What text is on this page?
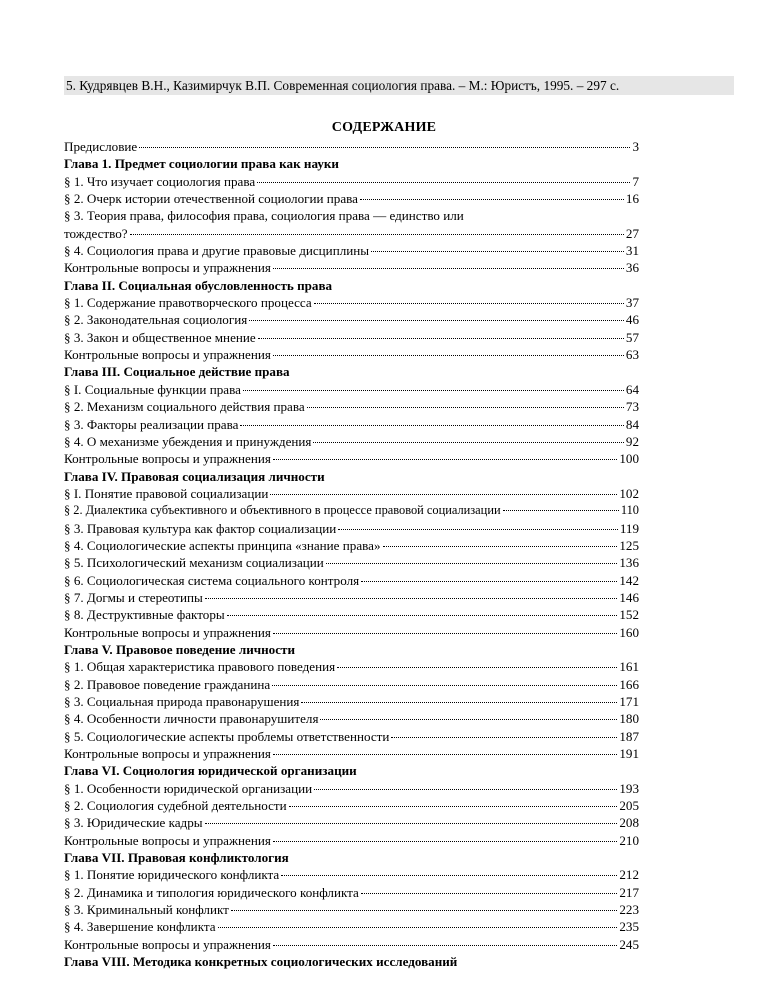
5. Кудрявцев В.Н., Казимирчук В.П. Современная социология права. – М.: Юристъ, 1995. – 297 с.
СОДЕРЖАНИЕ
Предисловие	3
Глава 1. Предмет социологии права как науки
§ 1. Что изучает социология права	7
§ 2. Очерк истории отечественной социологии права	16
§ 3. Теория права, философия права, социология права — единство или
тождество?	27
§ 4. Социология права и другие правовые дисциплины	31
Контрольные вопросы и упражнения	36
Глава II. Социальная обусловленность права
§ 1. Содержание правотворческого процесса	37
§ 2. Законодательная социология	46
§ 3. Закон и общественное мнение	57
Контрольные вопросы и упражнения	63
Глава III. Социальное действие права
§ I. Социальные функции права	64
§ 2. Механизм социального действия права	73
§ 3. Факторы реализации права	84
§ 4. О механизме убеждения и принуждения	92
Контрольные вопросы и упражнения	100
Глава IV. Правовая социализация личности
§ I. Понятие правовой социализации	102
§ 2. Диалектика субъективного и объективного в процессе правовой социализации	110
§ 3. Правовая культура как фактор социализации	119
§ 4. Социологические аспекты принципа «знание права»	125
§ 5. Психологический механизм социализации	136
§ 6. Социологическая система социального контроля	142
§ 7. Догмы и стереотипы	146
§ 8. Деструктивные факторы	152
Контрольные вопросы и упражнения	160
Глава V. Правовое поведение личности
§ 1. Общая характеристика правового поведения	161
§ 2. Правовое поведение гражданина	166
§ 3. Социальная природа правонарушения	171
§ 4. Особенности личности правонарушителя	180
§ 5. Социологические аспекты проблемы ответственности	187
Контрольные вопросы и упражнения	191
Глава VI. Социология юридической организации
§ 1. Особенности юридической организации	193
§ 2. Социология судебной деятельности	205
§ 3. Юридические кадры	208
Контрольные вопросы и упражнения	210
Глава VII. Правовая конфликтология
§ 1. Понятие юридического конфликта	212
§ 2. Динамика и типология юридического конфликта	217
§ 3. Криминальный конфликт	223
§ 4. Завершение конфликта	235
Контрольные вопросы и упражнения	245
Глава VIII. Методика конкретных социологических исследований
